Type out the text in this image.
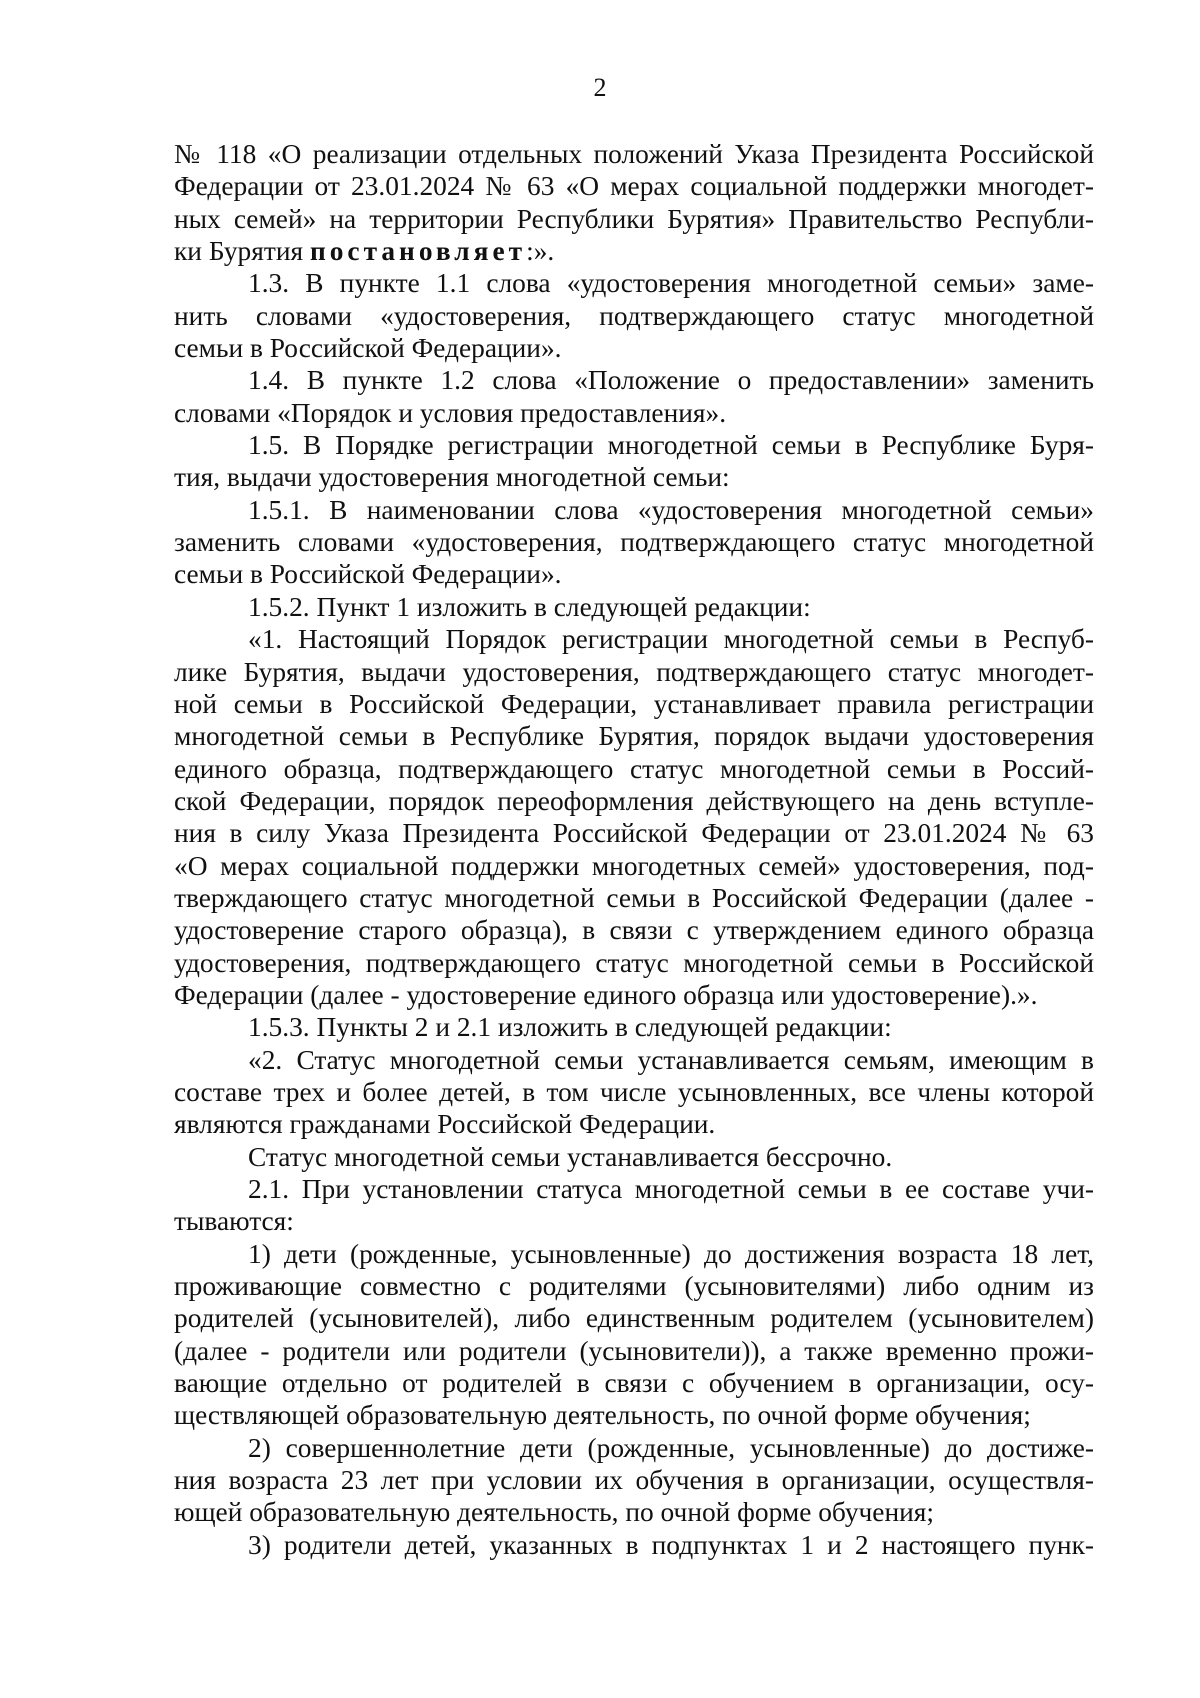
2
№ 118 «О реализации отдельных положений Указа Президента Российской
Федерации от 23.01.2024 № 63 «О мерах социальной поддержки многодет-
ных семей» на территории Республики Бурятия» Правительство Республи-
ки Бурятия постановляет:».
1.3. В пункте 1.1 слова «удостоверения многодетной семьи» заме-
нить словами «удостоверения, подтверждающего статус многодетной
семьи в Российской Федерации».
1.4. В пункте 1.2 слова «Положение о предоставлении» заменить
словами «Порядок и условия предоставления».
1.5. В Порядке регистрации многодетной семьи в Республике Буря-
тия, выдачи удостоверения многодетной семьи:
1.5.1. В наименовании слова «удостоверения многодетной семьи»
заменить словами «удостоверения, подтверждающего статус многодетной
семьи в Российской Федерации».
1.5.2. Пункт 1 изложить в следующей редакции:
«1. Настоящий Порядок регистрации многодетной семьи в Респуб-
лике Бурятия, выдачи удостоверения, подтверждающего статус многодет-
ной семьи в Российской Федерации, устанавливает правила регистрации
многодетной семьи в Республике Бурятия, порядок выдачи удостоверения
единого образца, подтверждающего статус многодетной семьи в Россий-
ской Федерации, порядок переоформления действующего на день вступле-
ния в силу Указа Президента Российской Федерации от 23.01.2024 № 63
«О мерах социальной поддержки многодетных семей» удостоверения, под-
тверждающего статус многодетной семьи в Российской Федерации (далее -
удостоверение старого образца), в связи с утверждением единого образца
удостоверения, подтверждающего статус многодетной семьи в Российской
Федерации (далее - удостоверение единого образца или удостоверение).».
1.5.3. Пункты 2 и 2.1 изложить в следующей редакции:
«2. Статус многодетной семьи устанавливается семьям, имеющим в
составе трех и более детей, в том числе усыновленных, все члены которой
являются гражданами Российской Федерации.
Статус многодетной семьи устанавливается бессрочно.
2.1. При установлении статуса многодетной семьи в ее составе учи-
тываются:
1) дети (рожденные, усыновленные) до достижения возраста 18 лет,
проживающие совместно с родителями (усыновителями) либо одним из
родителей (усыновителей), либо единственным родителем (усыновителем)
(далее - родители или родители (усыновители)), а также временно прожи-
вающие отдельно от родителей в связи с обучением в организации, осу-
ществляющей образовательную деятельность, по очной форме обучения;
2) совершеннолетние дети (рожденные, усыновленные) до достиже-
ния возраста 23 лет при условии их обучения в организации, осуществля-
ющей образовательную деятельность, по очной форме обучения;
3) родители детей, указанных в подпунктах 1 и 2 настоящего пунк-
